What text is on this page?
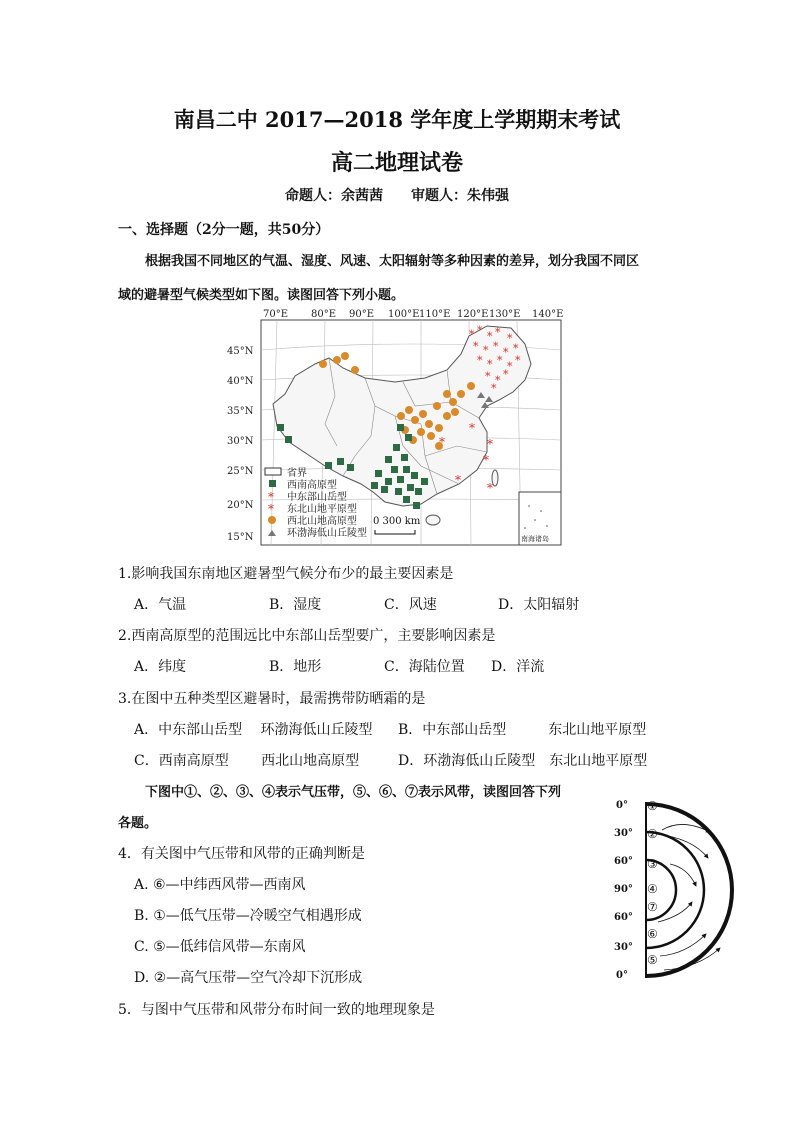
南昌二中 2017—2018 学年度上学期期末考试
高二地理试卷
命题人：余茜茜　　审题人：朱伟强
一、选择题（2分一题，共50分）
根据我国不同地区的气温、湿度、风速、太阳辐射等多种因素的差异，划分我国不同区
域的避暑型气候类型如下图。读图回答下列小题。
70°E 80°E 90°E 100°E 110°E 120°E 130°E 140°E
45°N
40°N
35°N
30°N
25°N
20°N
15°N	南海诸岛
* * * * *
* * * * *
* * * * *
* * *
*
*
*
*
*
*
*
省界
西南高原型
* 中东部山岳型
* 东北山地平原型
西北山地高原型
环渤海低山丘陵型
0 300 km
1.影响我国东南地区避暑型气候分布少的最主要因素是
A．气温	B．湿度	C．风速	D．太阳辐射
2.西南高原型的范围远比中东部山岳型要广，主要影响因素是
A．纬度	B．地形	C．海陆位置 D．洋流
3.在图中五种类型区避暑时，最需携带防晒霜的是
A．中东部山岳型　 环渤海低山丘陵型 B．中东部山岳型　　　东北山地平原型
C．西南高原型　　 西北山地高原型	D．环渤海低山丘陵型　东北山地平原型
下图中①、②、③、④表示气压带，⑤、⑥、⑦表示风带，读图回答下列
各题。
4．有关图中气压带和风带的正确判断是
A. ⑥—中纬西风带—西南风
B. ①—低气压带—冷暖空气相遇形成
C. ⑤—低纬信风带—东南风
D. ②—高气压带—空气冷却下沉形成
5．与图中气压带和风带分布时间一致的地理现象是
0°
30°
60°
90°
60°
30°
0°
①
②
③
④
⑦
⑥
⑤
